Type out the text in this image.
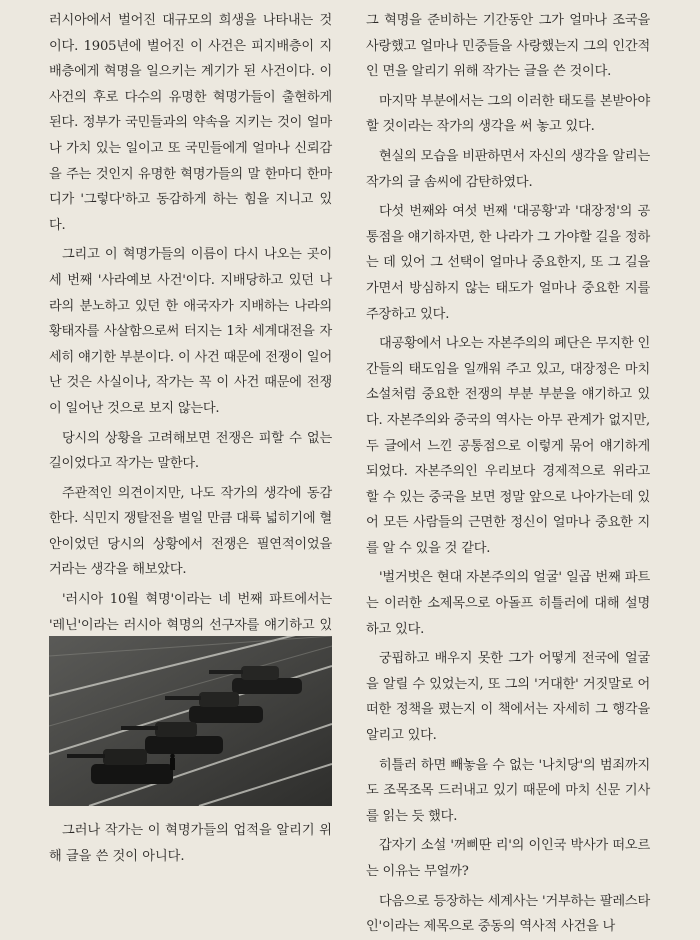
러시아에서 벌어진 대규모의 희생을 나타내는 것이다. 1905년에 벌어진 이 사건은 피지배층이 지배층에게 혁명을 일으키는 계기가 된 사건이다. 이 사건의 후로 다수의 유명한 혁명가들이 출현하게 된다. 정부가 국민들과의 약속을 지키는 것이 얼마나 가치 있는 일이고 또 국민들에게 얼마나 신뢰감을 주는 것인지 유명한 혁명가들의 말 한마디 한마디가 '그렇다'하고 동감하게 하는 힘을 지니고 있다.

그리고 이 혁명가들의 이름이 다시 나오는 곳이 세 번째 '사라예보 사건'이다. 지배당하고 있던 나라의 분노하고 있던 한 애국자가 지배하는 나라의 황태자를 사살함으로써 터지는 1차 세계대전을 자세히 얘기한 부분이다. 이 사건 때문에 전쟁이 일어난 것은 사실이나, 작가는 꼭 이 사건 때문에 전쟁이 일어난 것으로 보지 않는다.

당시의 상황을 고려해보면 전쟁은 피할 수 없는 길이었다고 작가는 말한다.

주관적인 의견이지만, 나도 작가의 생각에 동감한다. 식민지 쟁탈전을 벌일 만큼 대륙 넓히기에 혈안이었던 당시의 상황에서 전쟁은 필연적이었을 거라는 생각을 해보았다.

'러시아 10월 혁명'이라는 네 번째 파트에서는 '레닌'이라는 러시아 혁명의 선구자를 얘기하고 있

그러나 작가는 이 혁명가들의 업적을 알리기 위해 글을 쓴 것이 아니다.

그 혁명을 준비하는 기간동안 그가 얼마나 조국을 사랑했고 얼마나 민중들을 사랑했는지 그의 인간적인 면을 알리기 위해 작가는 글을 쓴 것이다.

마지막 부분에서는 그의 이러한 태도를 본받아야 할 것이라는 작가의 생각을 써 놓고 있다.

현실의 모습을 비판하면서 자신의 생각을 알리는 작가의 글 솜씨에 감탄하였다.

다섯 번째와 여섯 번째 '대공황'과 '대장정'의 공통점을 얘기하자면, 한 나라가 그 가야할 길을 정하는 데 있어 그 선택이 얼마나 중요한지, 또 그 길을 가면서 방심하지 않는 태도가 얼마나 중요한 지를 주장하고 있다.

대공황에서 나오는 자본주의의 폐단은 무지한 인간들의 태도임을 일깨워 주고 있고, 대장정은 마치 소설처럼 중요한 전쟁의 부분 부분을 얘기하고 있다. 자본주의와 중국의 역사는 아무 관계가 없지만, 두 글에서 느낀 공통점으로 이렇게 묶어 얘기하게 되었다. 자본주의인 우리보다 경제적으로 위라고 할 수 있는 중국을 보면 정말 앞으로 나아가는데 있어 모든 사람들의 근면한 정신이 얼마나 중요한 지를 알 수 있을 것 같다.

'벌거벗은 현대 자본주의의 얼굴' 일곱 번째 파트는 이러한 소제목으로 아돌프 히틀러에 대해 설명하고 있다.

궁핍하고 배우지 못한 그가 어떻게 전국에 얼굴을 알릴 수 있었는지, 또 그의 '거대한' 거짓말로 어떠한 정책을 폈는지 이 책에서는 자세히 그 행각을 알리고 있다.

히틀러 하면 빼놓을 수 없는 '나치당'의 범죄까지도 조목조목 드러내고 있기 때문에 마치 신문 기사를 읽는 듯 했다.

갑자기 소설 '꺼삐딴 리'의 이인국 박사가 떠오르는 이유는 무얼까?

다음으로 등장하는 세계사는 '거부하는 팔레스타인'이라는 제목으로 중동의 역사적 사건을 나
